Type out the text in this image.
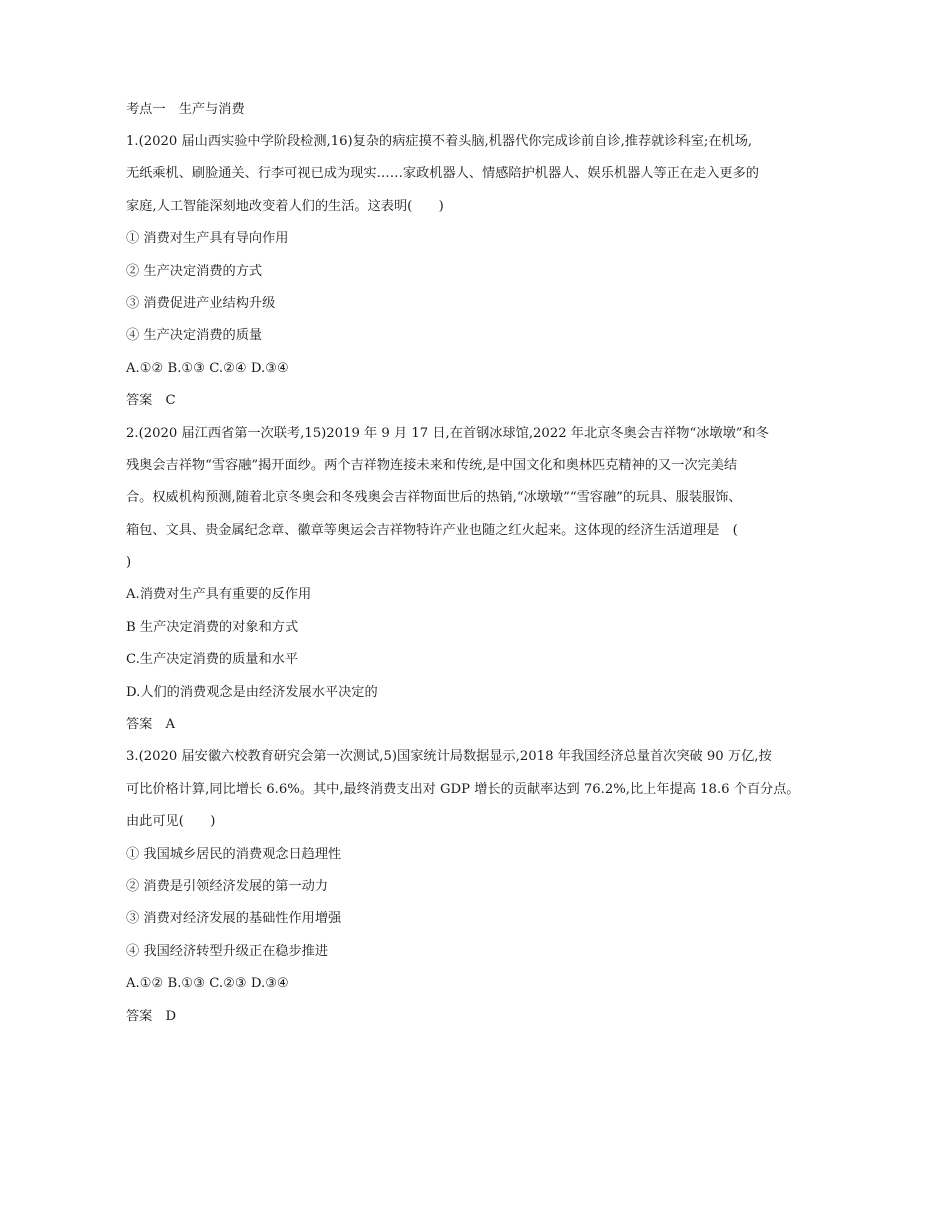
考点一　生产与消费
1.(2020 届山西实验中学阶段检测,16)复杂的病症摸不着头脑,机器代你完成诊前自诊,推荐就诊科室;在机场,
无纸乘机、刷脸通关、行李可视已成为现实……家政机器人、情感陪护机器人、娱乐机器人等正在走入更多的
家庭,人工智能深刻地改变着人们的生活。这表明(　　)
① 消费对生产具有导向作用
② 生产决定消费的方式
③ 消费促进产业结构升级
④ 生产决定消费的质量
A.①② B.①③ C.②④ D.③④
答案　C
2.(2020 届江西省第一次联考,15)2019 年 9 月 17 日,在首钢冰球馆,2022 年北京冬奥会吉祥物“冰墩墩”和冬
残奥会吉祥物“雪容融”揭开面纱。两个吉祥物连接未来和传统,是中国文化和奥林匹克精神的又一次完美结
合。权威机构预测,随着北京冬奥会和冬残奥会吉祥物面世后的热销,“冰墩墩”“雪容融”的玩具、服装服饰、
箱包、文具、贵金属纪念章、徽章等奥运会吉祥物特许产业也随之红火起来。这体现的经济生活道理是　(
)
A.消费对生产具有重要的反作用
B 生产决定消费的对象和方式
C.生产决定消费的质量和水平
D.人们的消费观念是由经济发展水平决定的
答案　A
3.(2020 届安徽六校教育研究会第一次测试,5)国家统计局数据显示,2018 年我国经济总量首次突破 90 万亿,按
可比价格计算,同比增长 6.6%。其中,最终消费支出对 GDP 增长的贡献率达到 76.2%,比上年提高 18.6 个百分点。
由此可见(　　)
① 我国城乡居民的消费观念日趋理性
② 消费是引领经济发展的第一动力
③ 消费对经济发展的基础性作用增强
④ 我国经济转型升级正在稳步推进
A.①② B.①③ C.②③ D.③④
答案　D
